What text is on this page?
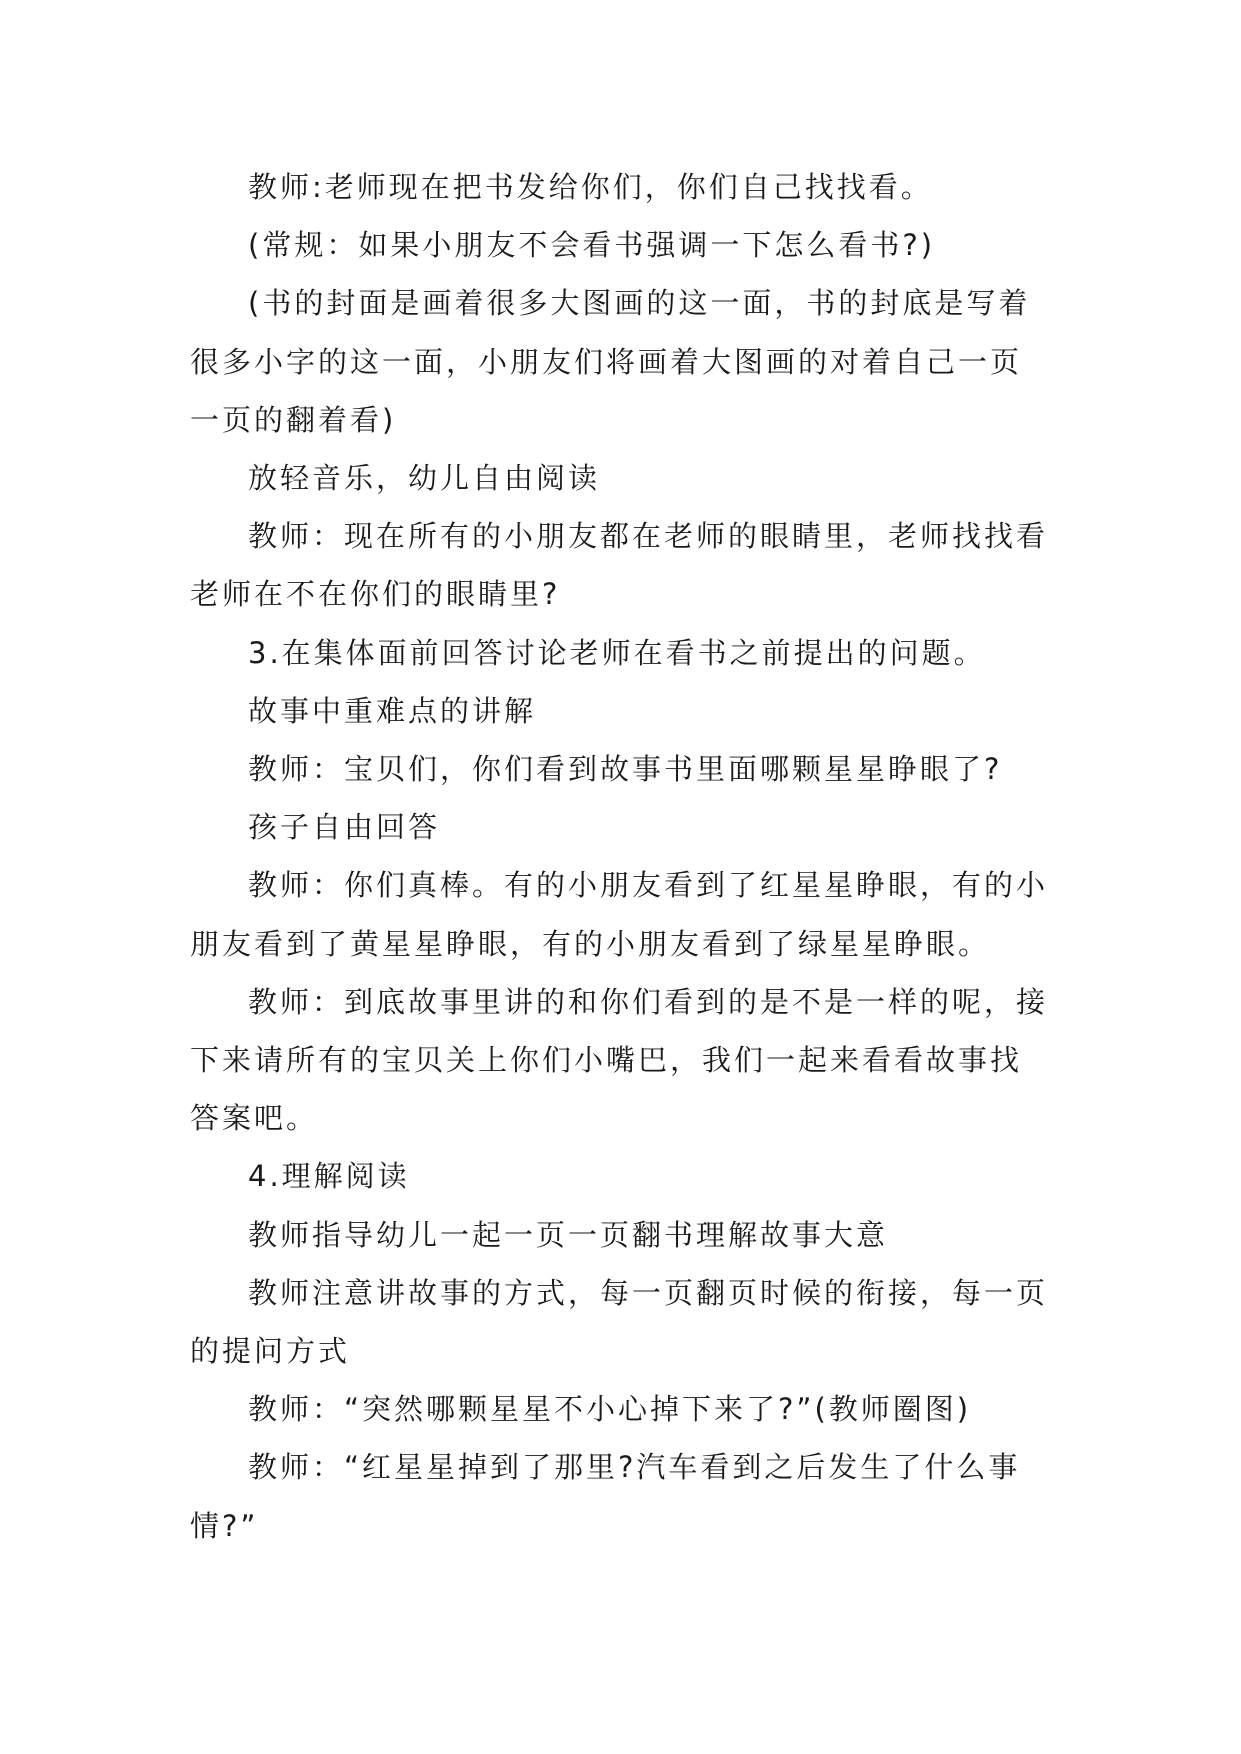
教师:老师现在把书发给你们，你们自己找找看。

(常规：如果小朋友不会看书强调一下怎么看书?)

(书的封面是画着很多大图画的这一面，书的封底是写着很多小字的这一面，小朋友们将画着大图画的对着自己一页一页的翻着看)

放轻音乐，幼儿自由阅读

教师：现在所有的小朋友都在老师的眼睛里，老师找找看老师在不在你们的眼睛里?

3.在集体面前回答讨论老师在看书之前提出的问题。

故事中重难点的讲解

教师：宝贝们，你们看到故事书里面哪颗星星睁眼了?

孩子自由回答

教师：你们真棒。有的小朋友看到了红星星睁眼，有的小朋友看到了黄星星睁眼，有的小朋友看到了绿星星睁眼。

教师：到底故事里讲的和你们看到的是不是一样的呢，接下来请所有的宝贝关上你们小嘴巴，我们一起来看看故事找答案吧。

4.理解阅读

教师指导幼儿一起一页一页翻书理解故事大意

教师注意讲故事的方式，每一页翻页时候的衔接，每一页的提问方式

教师：“突然哪颗星星不小心掉下来了?”(教师圈图)

教师：“红星星掉到了那里?汽车看到之后发生了什么事情?”
